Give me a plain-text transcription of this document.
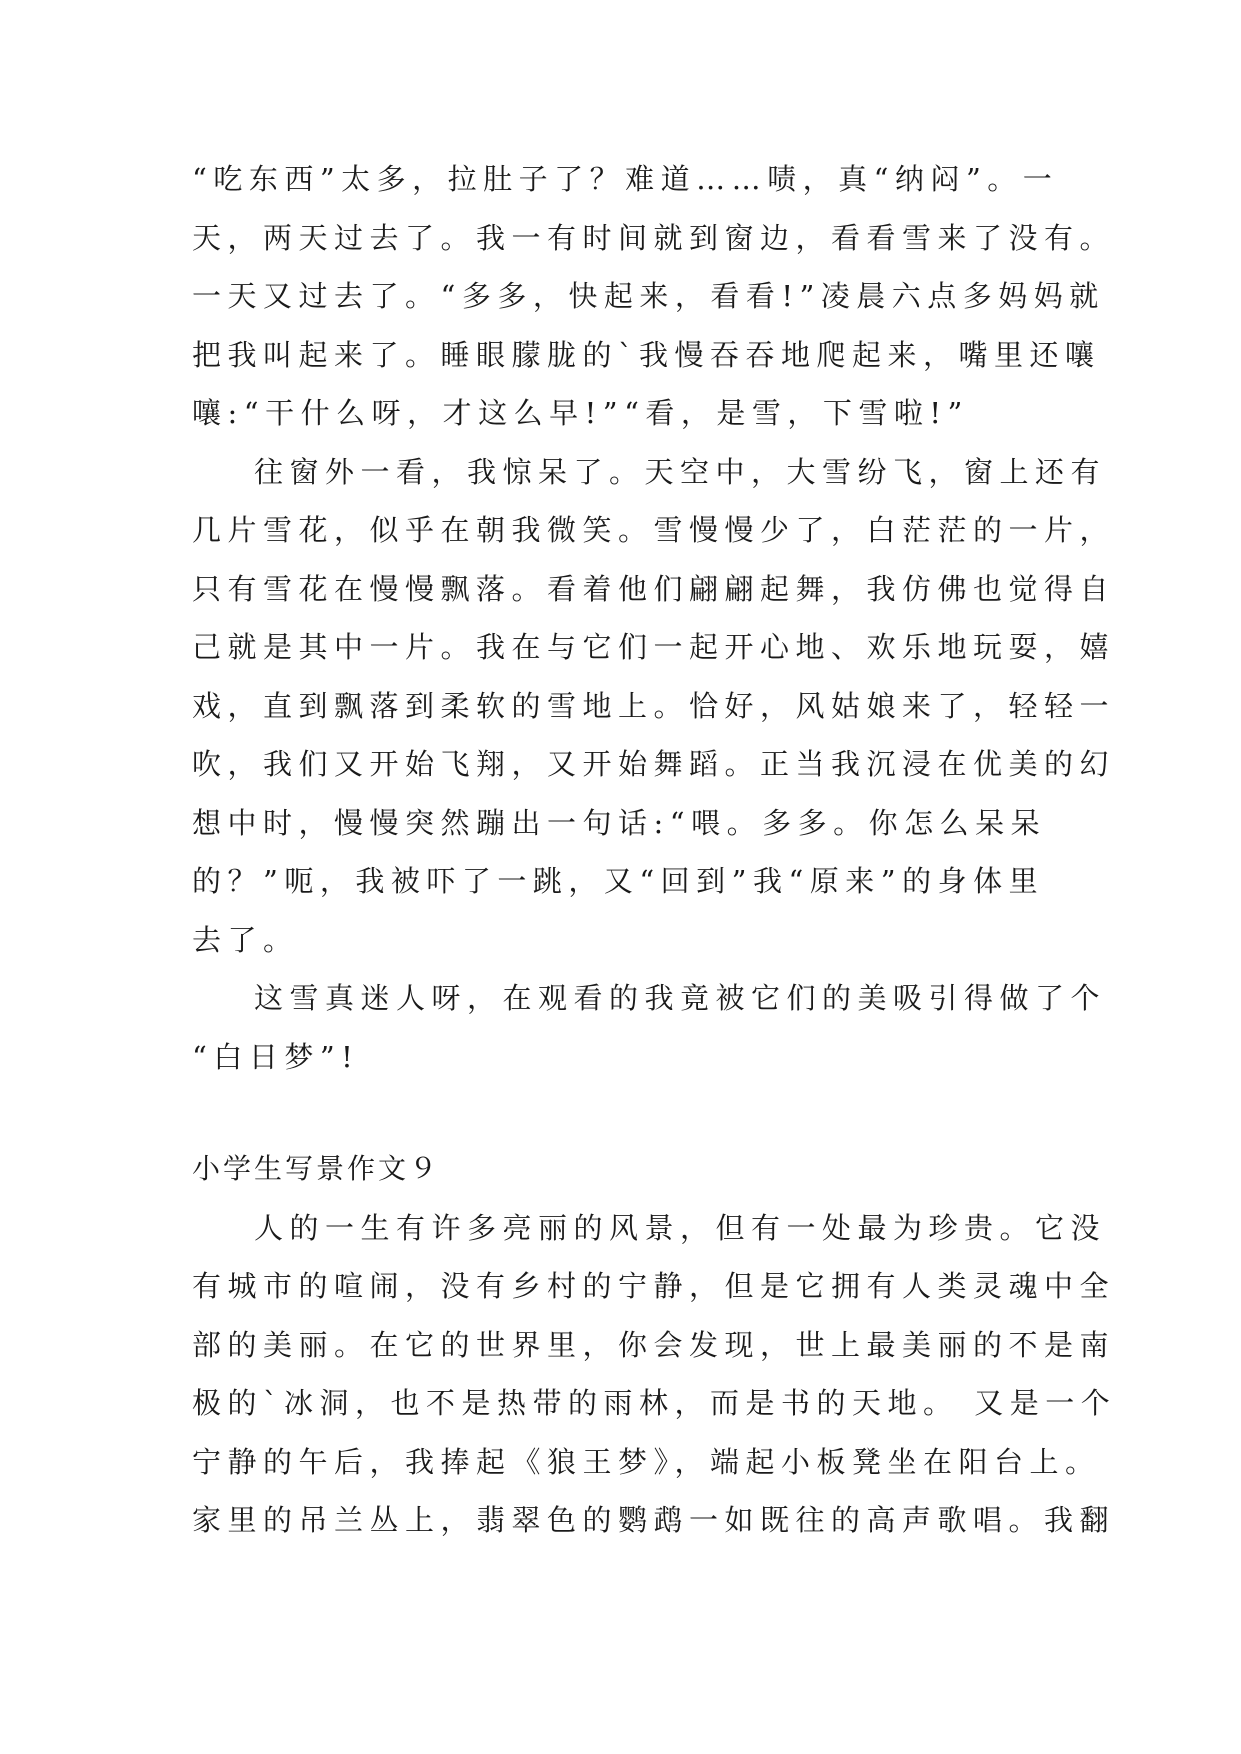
“吃东西”太多，拉肚子了？难道……啧，真“纳闷”。一
天，两天过去了。我一有时间就到窗边，看看雪来了没有。
一天又过去了。“多多，快起来，看看!”凌晨六点多妈妈就
把我叫起来了。睡眼朦胧的`我慢吞吞地爬起来，嘴里还嚷
嚷:“干什么呀，才这么早!”“看，是雪，下雪啦!”
往窗外一看，我惊呆了。天空中，大雪纷飞，窗上还有
几片雪花，似乎在朝我微笑。雪慢慢少了，白茫茫的一片，
只有雪花在慢慢飘落。看着他们翩翩起舞，我仿佛也觉得自
己就是其中一片。我在与它们一起开心地、欢乐地玩耍，嬉
戏，直到飘落到柔软的雪地上。恰好，风姑娘来了，轻轻一
吹，我们又开始飞翔，又开始舞蹈。正当我沉浸在优美的幻
想中时，慢慢突然蹦出一句话:“喂。多多。你怎么呆呆
的？”呃，我被吓了一跳，又“回到”我“原来”的身体里
去了。
这雪真迷人呀，在观看的我竟被它们的美吸引得做了个
“白日梦”!
小学生写景作文９
人的一生有许多亮丽的风景，但有一处最为珍贵。它没
有城市的喧闹，没有乡村的宁静，但是它拥有人类灵魂中全
部的美丽。在它的世界里，你会发现，世上最美丽的不是南
极的`冰洞，也不是热带的雨林，而是书的天地。 又是一个
宁静的午后，我捧起《狼王梦》，端起小板凳坐在阳台上。
家里的吊兰丛上，翡翠色的鹦鹉一如既往的高声歌唱。我翻
